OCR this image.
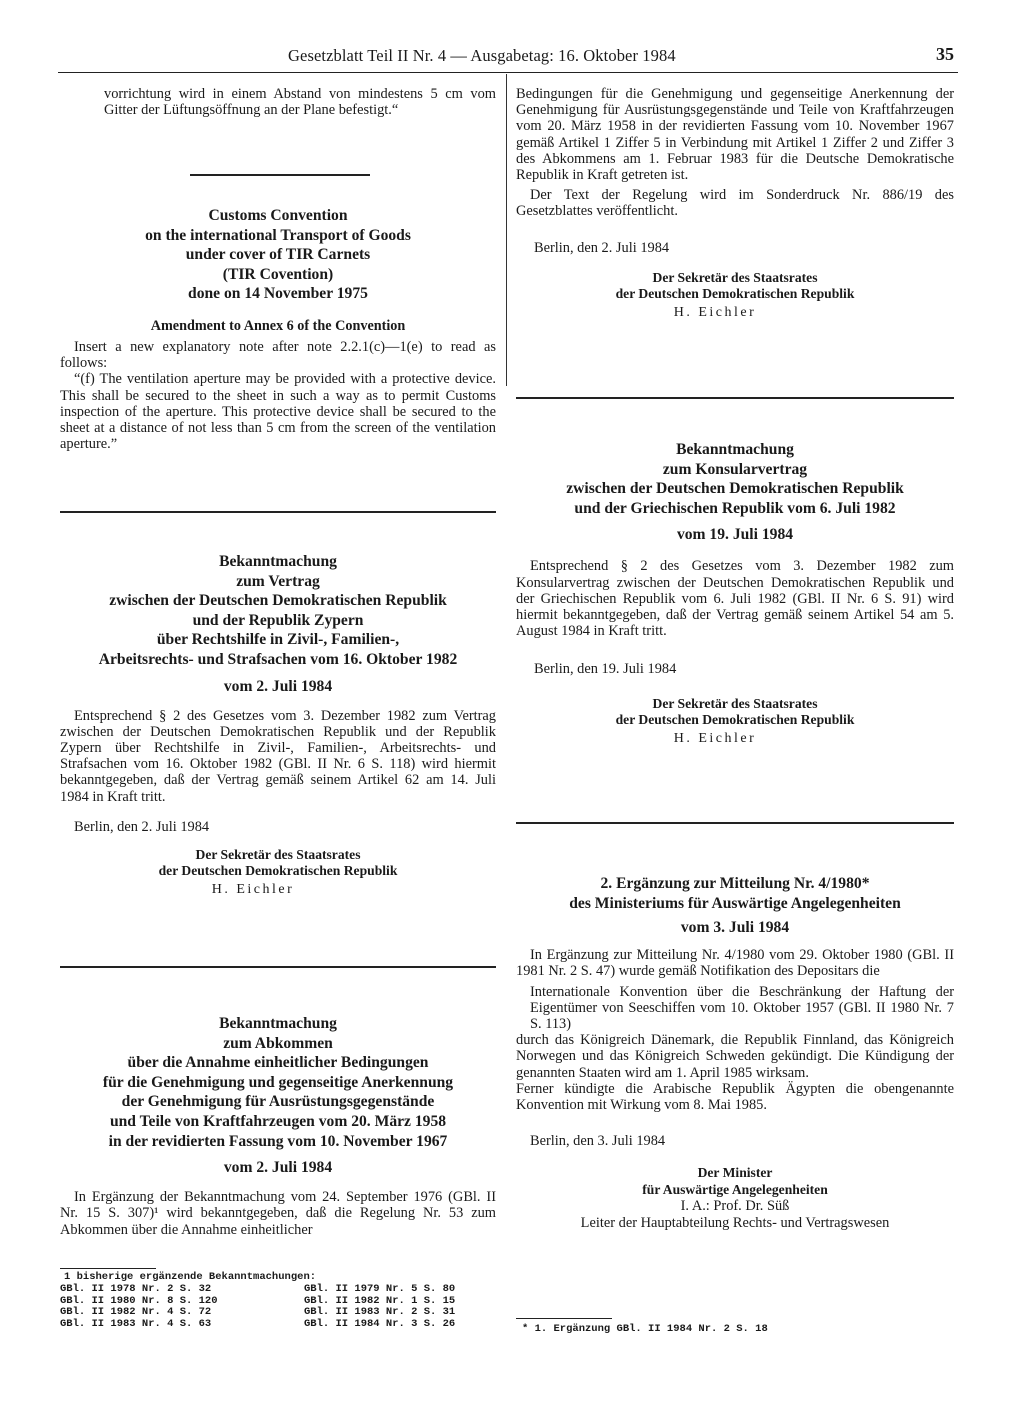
Gesetzblatt Teil II Nr. 4 — Ausgabetag: 16. Oktober 1984	35

vorrichtung wird in einem Abstand von mindestens 5 cm vom Gitter der Lüftungsöffnung an der Plane befestigt.“

Customs Convention
on the international Transport of Goods
under cover of TIR Carnets
(TIR Covention)
done on 14 November 1975
Amendment to Annex 6 of the Convention

Insert a new explanatory note after note 2.2.1(c)—1(e) to read as follows:

“(f) The ventilation aperture may be provided with a protective device. This shall be secured to the sheet in such a way as to permit Customs inspection of the aperture. This protective device shall be secured to the sheet at a distance of not less than 5 cm from the screen of the ventilation aperture.”

Bekanntmachung
zum Vertrag
zwischen der Deutschen Demokratischen Republik
und der Republik Zypern
über Rechtshilfe in Zivil-, Familien-,
Arbeitsrechts- und Strafsachen vom 16. Oktober 1982
vom 2. Juli 1984

Entsprechend § 2 des Gesetzes vom 3. Dezember 1982 zum Vertrag zwischen der Deutschen Demokratischen Republik und der Republik Zypern über Rechtshilfe in Zivil-, Familien-, Arbeitsrechts- und Strafsachen vom 16. Oktober 1982 (GBl. II Nr. 6 S. 118) wird hiermit bekanntgegeben, daß der Vertrag gemäß seinem Artikel 62 am 14. Juli 1984 in Kraft tritt.

Berlin, den 2. Juli 1984

Der Sekretär des Staatsrates
der Deutschen Demokratischen Republik
H. Eichler
Bekanntmachung
zum Abkommen
über die Annahme einheitlicher Bedingungen
für die Genehmigung und gegenseitige Anerkennung
der Genehmigung für Ausrüstungsgegenstände
und Teile von Kraftfahrzeugen vom 20. März 1958
in der revidierten Fassung vom 10. November 1967
vom 2. Juli 1984

In Ergänzung der Bekanntmachung vom 24. September 1976 (GBl. II Nr. 15 S. 307)¹ wird bekanntgegeben, daß die Regelung Nr. 53 zum Abkommen über die Annahme einheitlicher

1 bisherige ergänzende Bekanntmachungen:
GBl. II 1978 Nr. 2 S. 32
GBl. II 1980 Nr. 8 S. 120
GBl. II 1982 Nr. 4 S. 72
GBl. II 1983 Nr. 4 S. 63
GBl. II 1979 Nr. 5 S. 80
GBl. II 1982 Nr. 1 S. 15
GBl. II 1983 Nr. 2 S. 31
GBl. II 1984 Nr. 3 S. 26

Bedingungen für die Genehmigung und gegenseitige Anerkennung der Genehmigung für Ausrüstungsgegenstände und Teile von Kraftfahrzeugen vom 20. März 1958 in der revidierten Fassung vom 10. November 1967 gemäß Artikel 1 Ziffer 5 in Verbindung mit Artikel 1 Ziffer 2 und Ziffer 3 des Abkommens am 1. Februar 1983 für die Deutsche Demokratische Republik in Kraft getreten ist.

Der Text der Regelung wird im Sonderdruck Nr. 886/19 des Gesetzblattes veröffentlicht.

Berlin, den 2. Juli 1984

Der Sekretär des Staatsrates
der Deutschen Demokratischen Republik
H. Eichler
Bekanntmachung
zum Konsularvertrag
zwischen der Deutschen Demokratischen Republik
und der Griechischen Republik vom 6. Juli 1982
vom 19. Juli 1984

Entsprechend § 2 des Gesetzes vom 3. Dezember 1982 zum Konsularvertrag zwischen der Deutschen Demokratischen Republik und der Griechischen Republik vom 6. Juli 1982 (GBl. II Nr. 6 S. 91) wird hiermit bekanntgegeben, daß der Vertrag gemäß seinem Artikel 54 am 5. August 1984 in Kraft tritt.

Berlin, den 19. Juli 1984

Der Sekretär des Staatsrates
der Deutschen Demokratischen Republik
H. Eichler
2. Ergänzung zur Mitteilung Nr. 4/1980*
des Ministeriums für Auswärtige Angelegenheiten
vom 3. Juli 1984

In Ergänzung zur Mitteilung Nr. 4/1980 vom 29. Oktober 1980 (GBl. II 1981 Nr. 2 S. 47) wurde gemäß Notifikation des Depositars die

Internationale Konvention über die Beschränkung der Haftung der Eigentümer von Seeschiffen vom 10. Oktober 1957 (GBl. II 1980 Nr. 7 S. 113)

durch das Königreich Dänemark, die Republik Finnland, das Königreich Norwegen und das Königreich Schweden gekündigt. Die Kündigung der genannten Staaten wird am 1. April 1985 wirksam.

Ferner kündigte die Arabische Republik Ägypten die obengenannte Konvention mit Wirkung vom 8. Mai 1985.

Berlin, den 3. Juli 1984

Der Minister
für Auswärtige Angelegenheiten
I. A.: Prof. Dr. Süß
Leiter der Hauptabteilung Rechts- und Vertragswesen
* 1. Ergänzung GBl. II 1984 Nr. 2 S. 18
